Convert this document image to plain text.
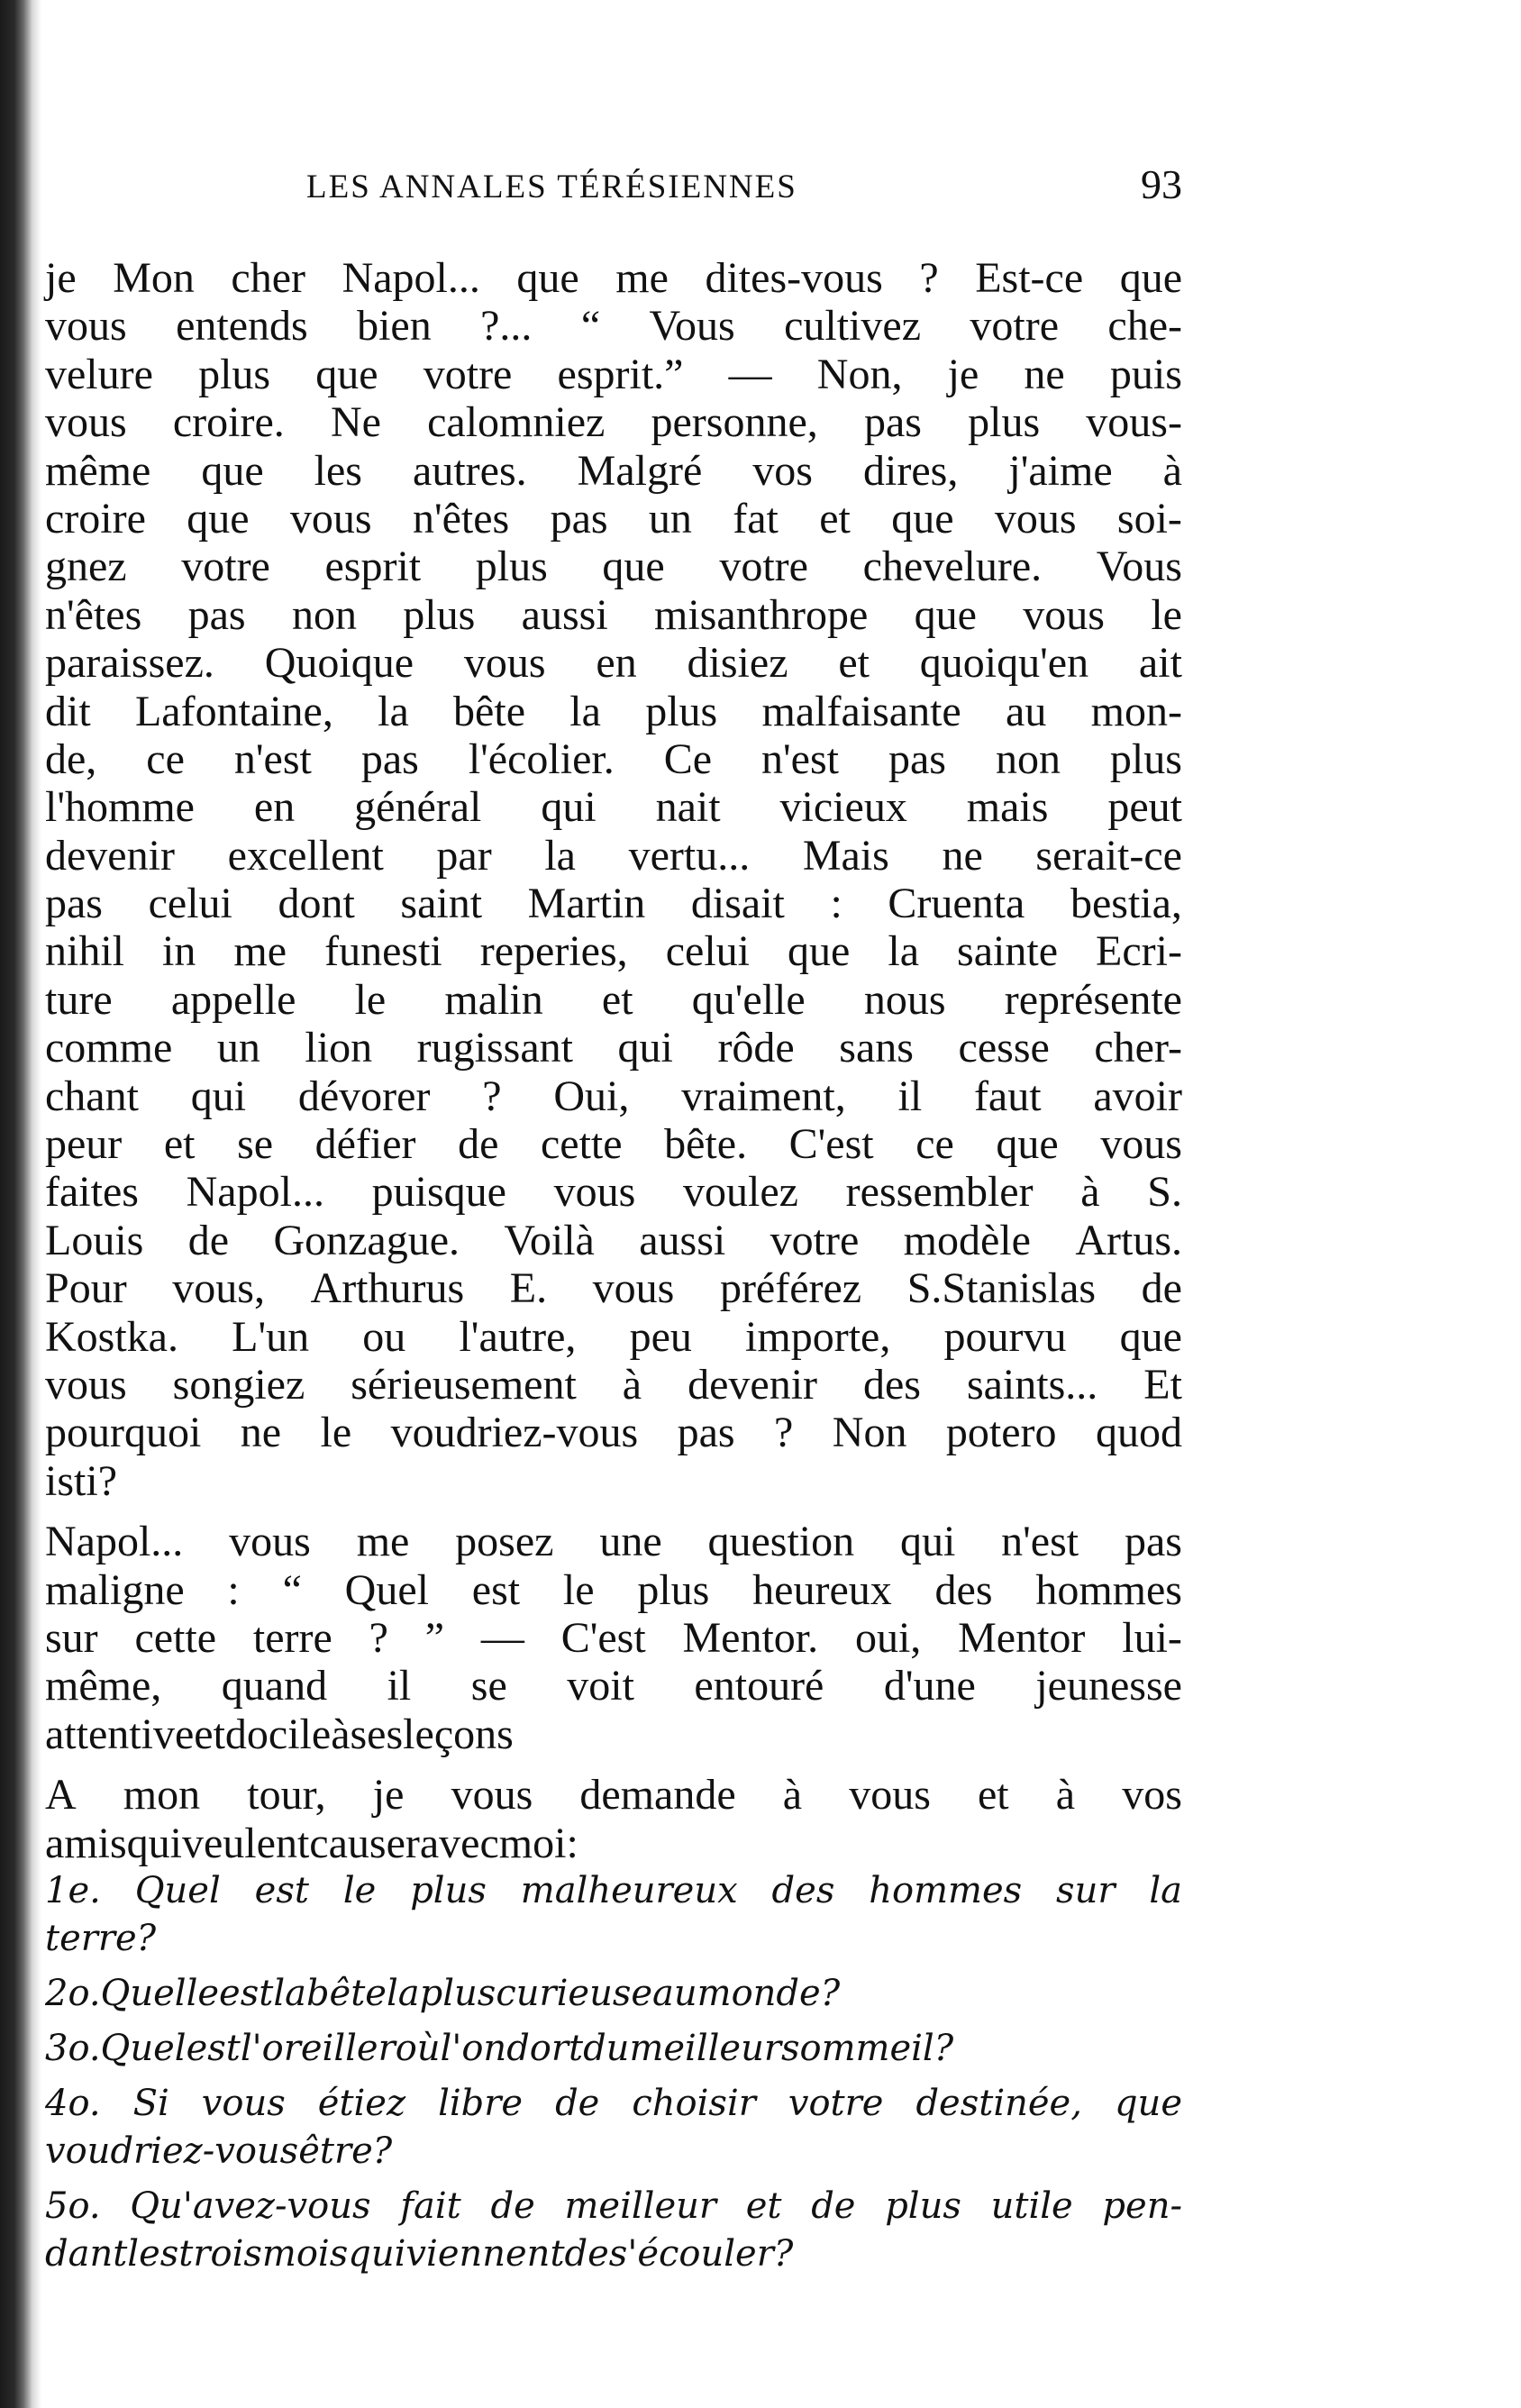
LES ANNALES TÉRÉSIENNES	93
je Mon cher Napol... que me dites-vous ? Est-ce que
vous entends bien ?... “ Vous cultivez votre che-
velure plus que votre esprit.” — Non, je ne puis
vous croire. Ne calomniez personne, pas plus vous-
même que les autres. Malgré vos dires, j'aime à
croire que vous n'êtes pas un fat et que vous soi-
gnez votre esprit plus que votre chevelure. Vous
n'êtes pas non plus aussi misanthrope que vous le
paraissez. Quoique vous en disiez et quoiqu'en ait
dit Lafontaine, la bête la plus malfaisante au mon-
de, ce n'est pas l'écolier. Ce n'est pas non plus
l'homme en général qui nait vicieux mais peut
devenir excellent par la vertu... Mais ne serait-ce
pas celui dont saint Martin disait : Cruenta bestia,
nihil in me funesti reperies, celui que la sainte Ecri-
ture appelle le malin et qu'elle nous représente
comme un lion rugissant qui rôde sans cesse cher-
chant qui dévorer ? Oui, vraiment, il faut avoir
peur et se défier de cette bête. C'est ce que vous
faites Napol... puisque vous voulez ressembler à S.
Louis de Gonzague. Voilà aussi votre modèle Artus.
Pour vous, Arthurus E. vous préférez S.Stanislas de
Kostka. L'un ou l'autre, peu importe, pourvu que
vous songiez sérieusement à devenir des saints... Et
pourquoi ne le voudriez-vous pas ? Non potero quod
isti ?
Napol... vous me posez une question qui n'est pas
maligne : “ Quel est le plus heureux des hommes
sur cette terre ? ” — C'est Mentor. oui, Mentor lui-
même, quand il se voit entouré d'une jeunesse
attentive et docile à ses leçons
A mon tour, je vous demande à vous et à vos
amis qui veulent causer avec moi :
1e. Quel est le plus malheureux des hommes sur la
terre ?
2o. Quelle est la bête la plus curieuse au monde ?
3o. Quel est l'oreiller où l'on dort du meilleur sommeil ?
4o. Si vous étiez libre de choisir votre destinée, que
voudriez-vous être ?
5o. Qu'avez-vous fait de meilleur et de plus utile pen-
dant les trois mois qui viennent de s'écouler ?
